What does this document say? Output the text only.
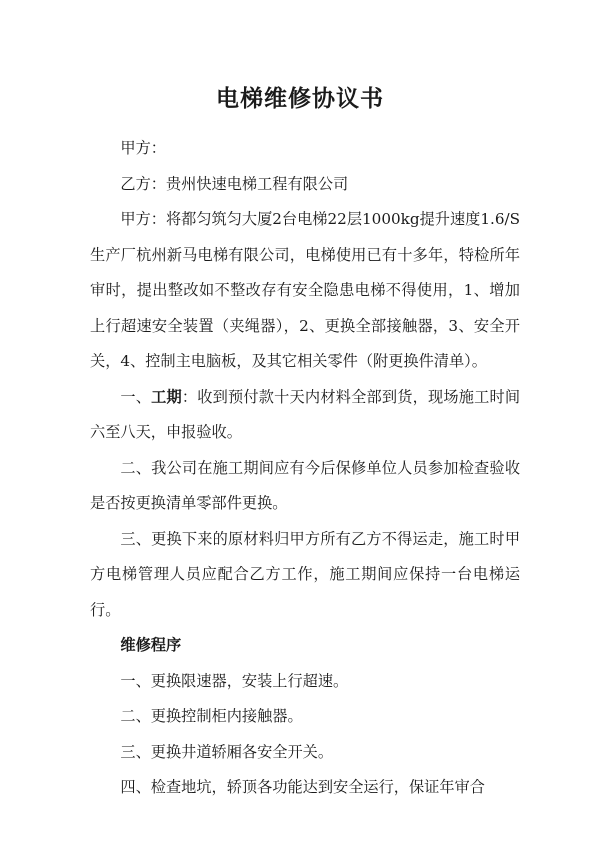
电梯维修协议书

甲方：

乙方：贵州快速电梯工程有限公司

甲方：将都匀筑匀大厦2台电梯22层1000kg提升速度1.6/S生产厂杭州新马电梯有限公司，电梯使用已有十多年，特检所年审时，提出整改如不整改存有安全隐患电梯不得使用，1、增加上行超速安全装置（夹绳器），2、更换全部接触器，3、安全开关，4、控制主电脑板，及其它相关零件（附更换件清单）。

一、工期：收到预付款十天内材料全部到货，现场施工时间六至八天，申报验收。

二、我公司在施工期间应有今后保修单位人员参加检查验收是否按更换清单零部件更换。

三、更换下来的原材料归甲方所有乙方不得运走，施工时甲方电梯管理人员应配合乙方工作，施工期间应保持一台电梯运行。

维修程序

一、更换限速器，安装上行超速。

二、更换控制柜内接触器。

三、更换井道轿厢各安全开关。

四、检查地坑，轿顶各功能达到安全运行，保证年审合
